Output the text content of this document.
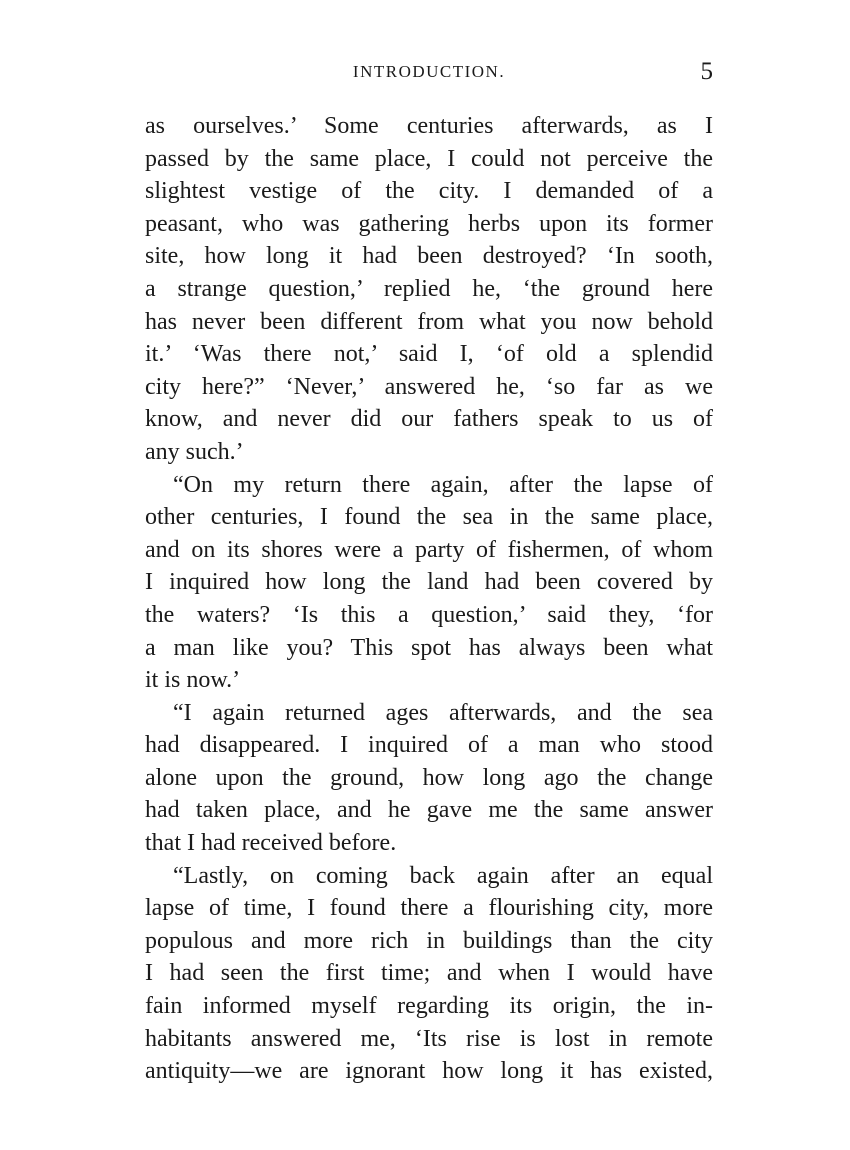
INTRODUCTION.	5
as ourselves.’ Some centuries afterwards, as I
passed by the same place, I could not perceive the
slightest vestige of the city. I demanded of a
peasant, who was gathering herbs upon its former
site, how long it had been destroyed? ‘In sooth,
a strange question,’ replied he, ‘the ground here
has never been different from what you now behold
it.’ ‘Was there not,’ said I, ‘of old a splendid
city here?” ‘Never,’ answered he, ‘so far as we
know, and never did our fathers speak to us of
any such.’
“On my return there again, after the lapse of
other centuries, I found the sea in the same place,
and on its shores were a party of fishermen, of whom
I inquired how long the land had been covered by
the waters? ‘Is this a question,’ said they, ‘for
a man like you? This spot has always been what
it is now.’
“I again returned ages afterwards, and the sea
had disappeared. I inquired of a man who stood
alone upon the ground, how long ago the change
had taken place, and he gave me the same answer
that I had received before.
“Lastly, on coming back again after an equal
lapse of time, I found there a flourishing city, more
populous and more rich in buildings than the city
I had seen the first time; and when I would have
fain informed myself regarding its origin, the in-
habitants answered me, ‘Its rise is lost in remote
antiquity—we are ignorant how long it has existed,
